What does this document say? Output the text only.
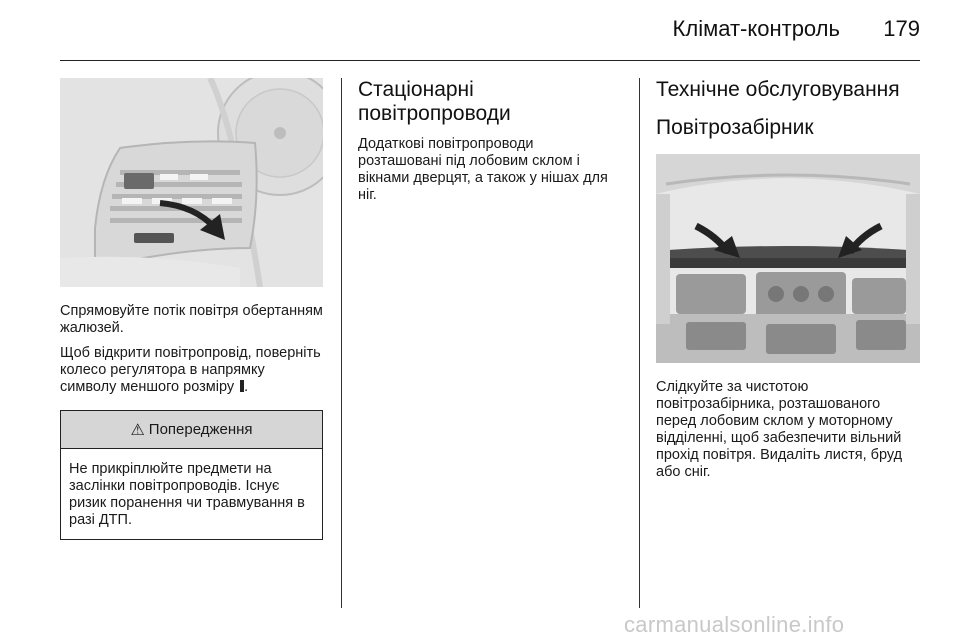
Клімат-контроль 179

Спрямовуйте потік повітря обертанням жалюзей.

Щоб відкрити повітропровід, поверніть колесо регулятора в напрямку символу меншого розміру .

⚠ Попередження
Не прикріплюйте предмети на заслінки повітропроводів. Існує ризик поранення чи травмування в разі ДТП.
Стаціонарні повітропроводи

Додаткові повітропроводи розташовані під лобовим склом і вікнами дверцят, а також у нішах для ніг.

Технічне обслуговування
Повітрозабірник

Слідкуйте за чистотою повітрозабірника, розташованого перед лобовим склом у моторному відділенні, щоб забезпечити вільний прохід повітря. Видаліть листя, бруд або сніг.

carmanualsonline.info
